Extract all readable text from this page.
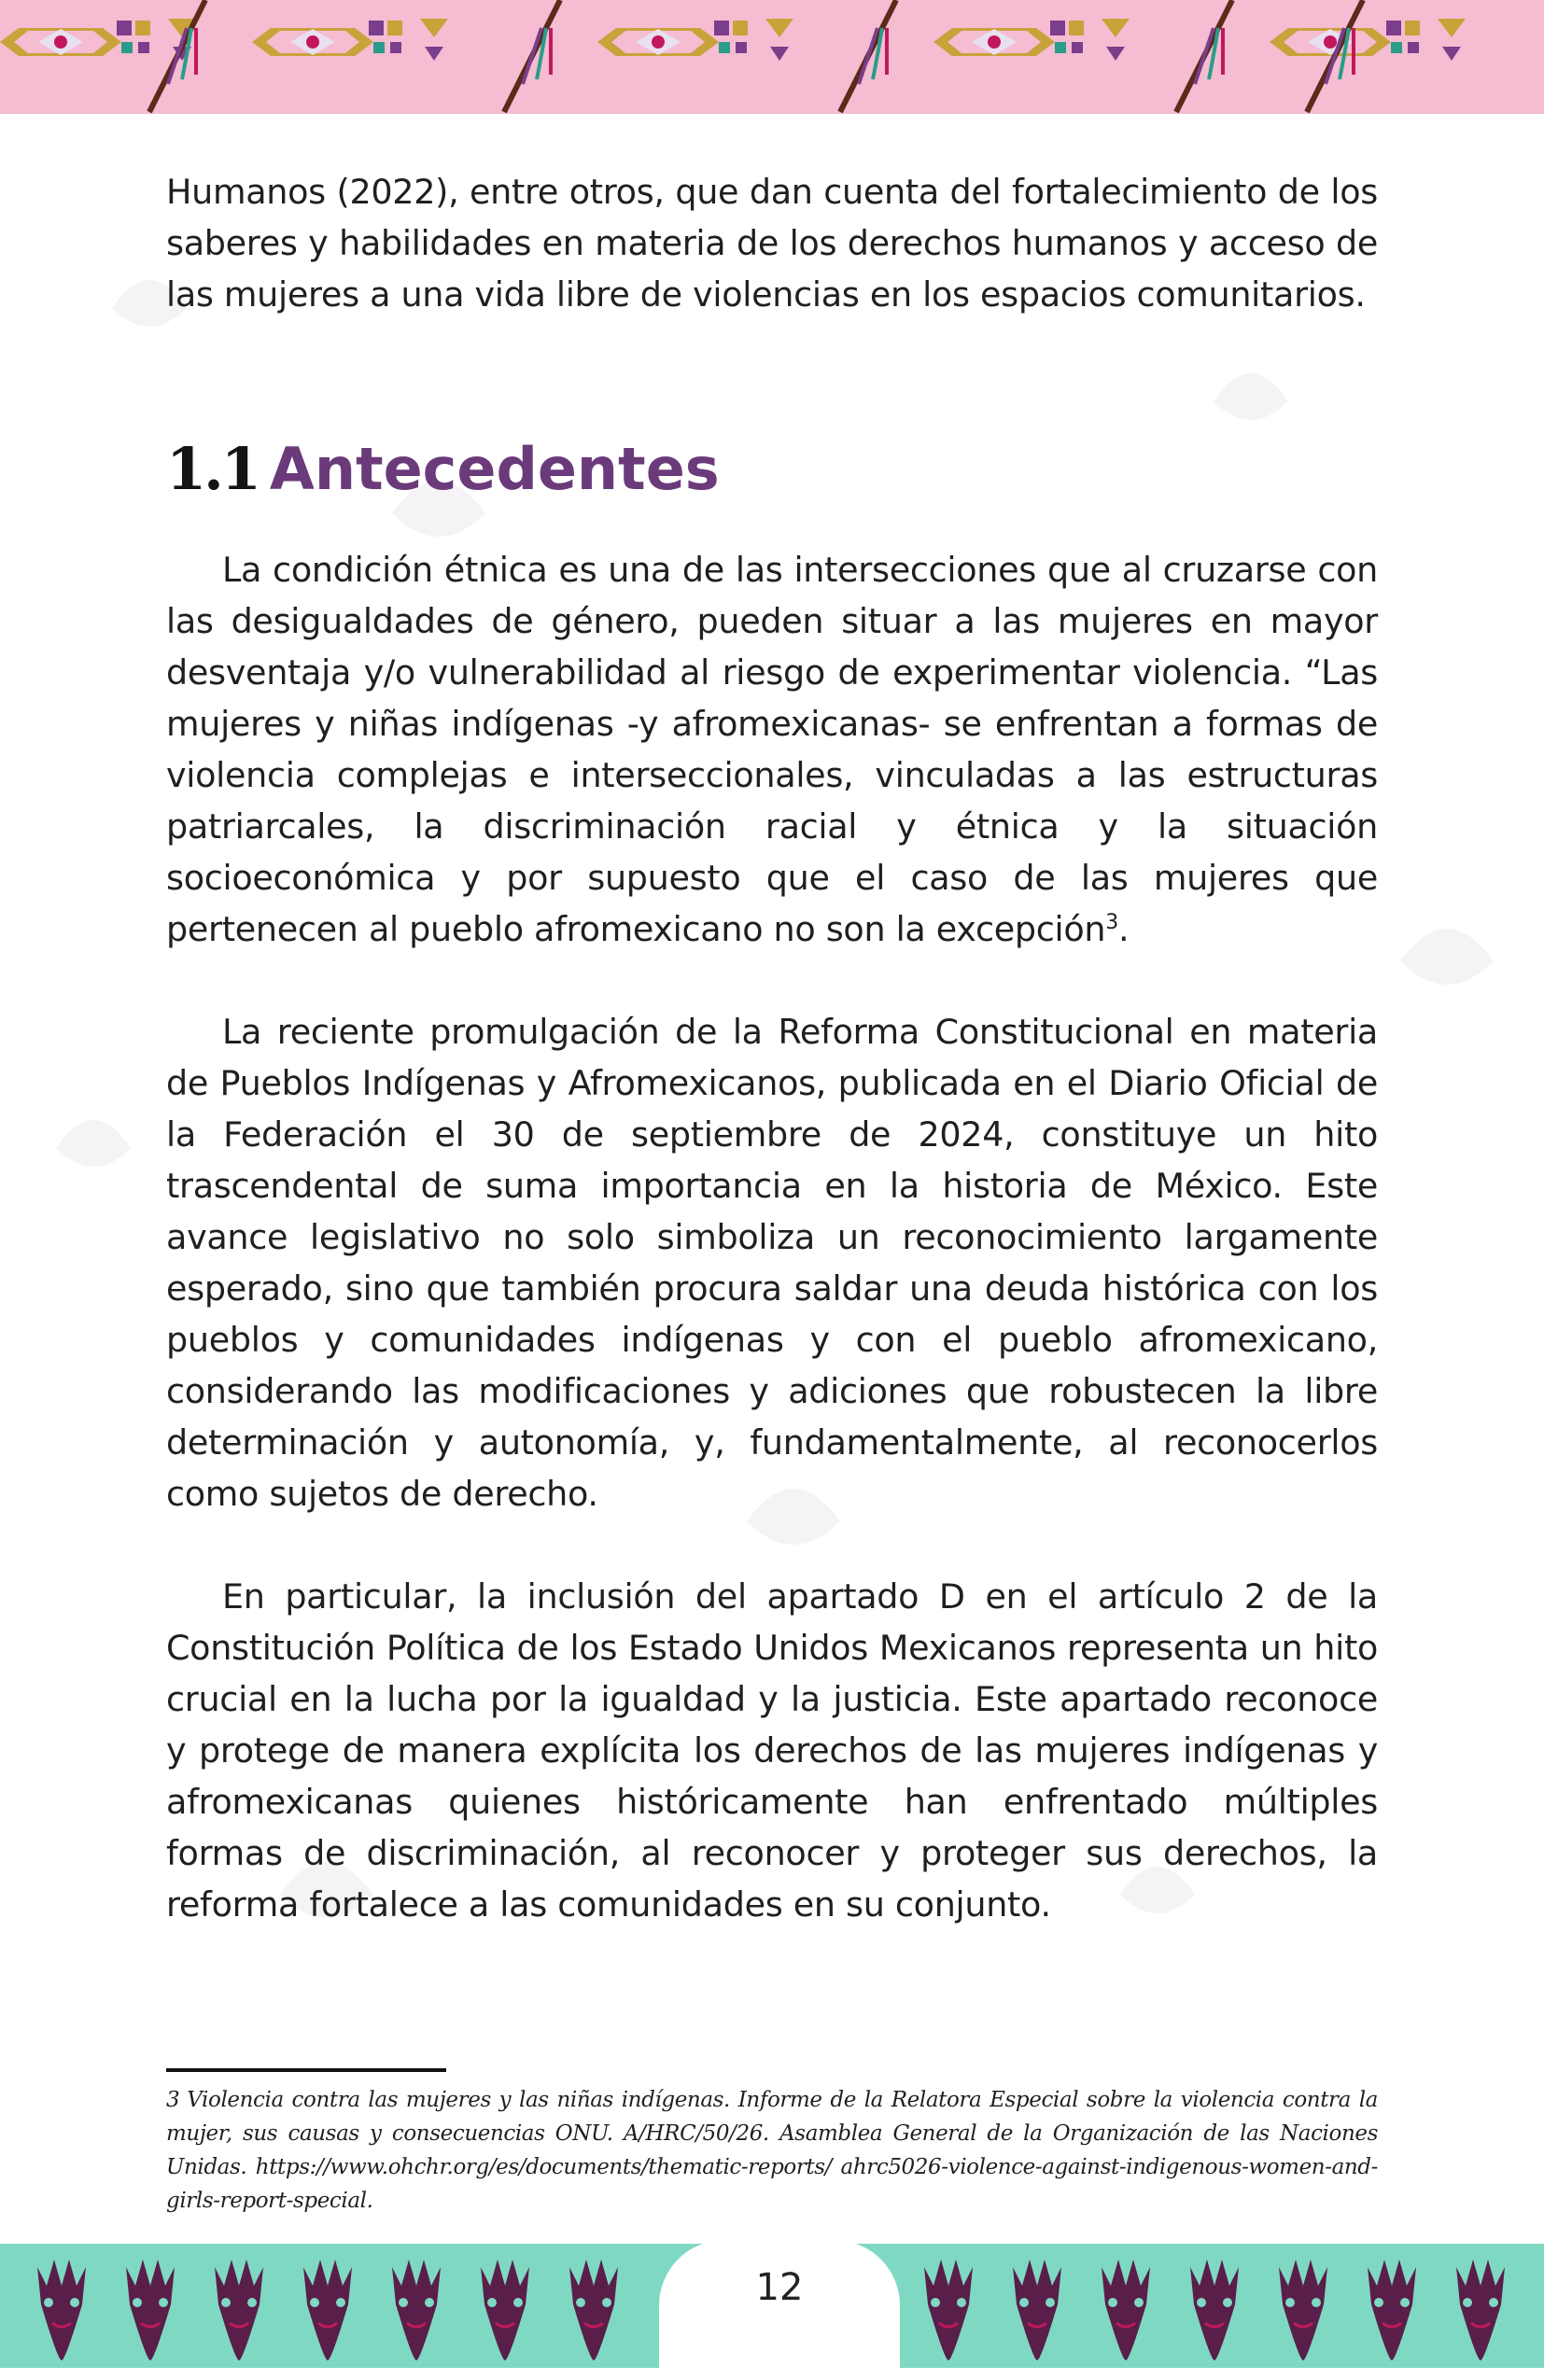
Humanos (2022), entre otros, que dan cuenta del fortalecimiento de los saberes y habilidades en materia de los derechos humanos y acceso de las mujeres a una vida libre de violencias en los espacios comunitarios.

1.1 Antecedentes

La condición étnica es una de las intersecciones que al cruzarse con las desigualdades de género, pueden situar a las mujeres en mayor desventaja y/o vulnerabilidad al riesgo de experimentar violencia. “Las mujeres y niñas indígenas -y afromexicanas- se enfrentan a formas de violencia complejas e interseccionales, vinculadas a las estructuras patriarcales, la discriminación racial y étnica y la situación socioeconómica y por supuesto que el caso de las mujeres que pertenecen al pueblo afromexicano no son la excepción$^3$.

La reciente promulgación de la Reforma Constitucional en materia de Pueblos Indígenas y Afromexicanos, publicada en el Diario Oficial de la Federación el 30 de septiembre de 2024, constituye un hito trascendental de suma importancia en la historia de México. Este avance legislativo no solo simboliza un reconocimiento largamente esperado, sino que también procura saldar una deuda histórica con los pueblos y comunidades indígenas y con el pueblo afromexicano, considerando las modificaciones y adiciones que robustecen la libre determinación y autonomía, y, fundamentalmente, al reconocerlos como sujetos de derecho.

En particular, la inclusión del apartado D en el artículo 2 de la Constitución Política de los Estado Unidos Mexicanos representa un hito crucial en la lucha por la igualdad y la justicia. Este apartado reconoce y protege de manera explícita los derechos de las mujeres indígenas y afromexicanas quienes históricamente han enfrentado múltiples formas de discriminación, al reconocer y proteger sus derechos, la reforma fortalece a las comunidades en su conjunto.

3 Violencia contra las mujeres y las niñas indígenas. Informe de la Relatora Especial sobre la violencia contra la mujer, sus causas y consecuencias ONU. A/HRC/50/26. Asamblea General de la Organización de las Naciones Unidas. https://www.ohchr.org/es/documents/thematic-reports/ ahrc5026-violence-against-indigenous-women-and-girls-report-special.
12
